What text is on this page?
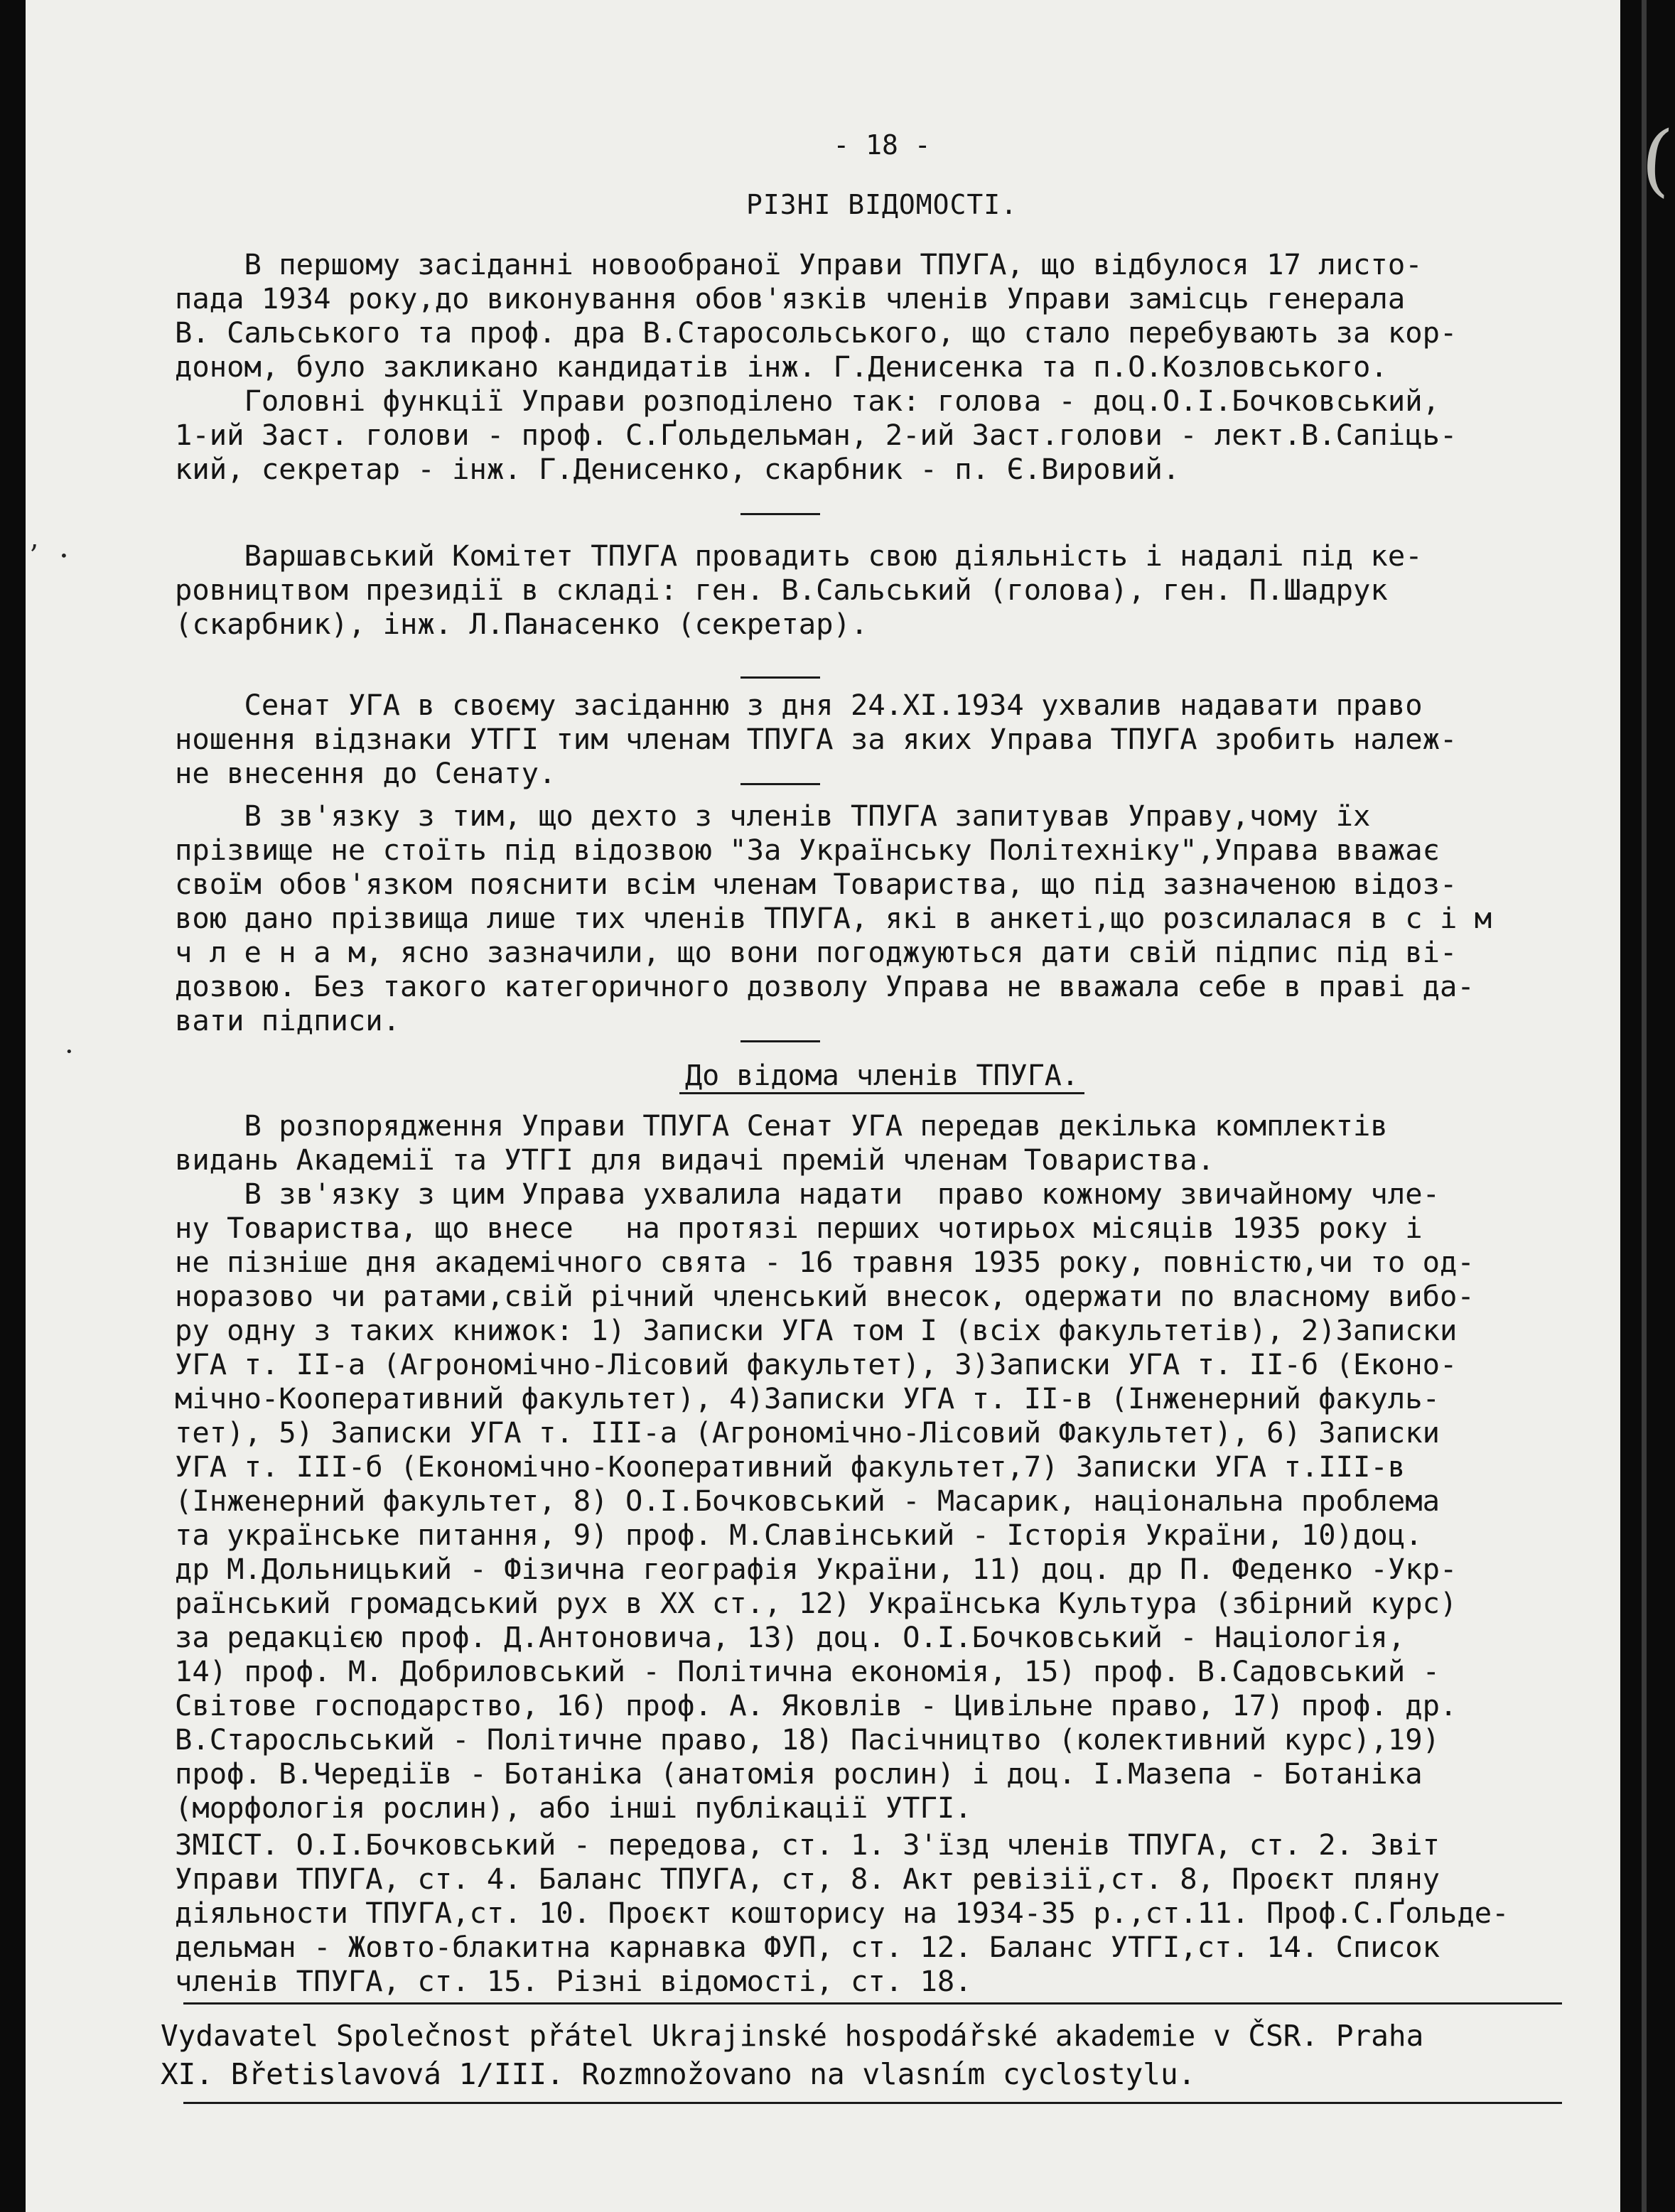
(
ʼ •
•
- 18 -
РІЗНІ ВІДОМОСТІ.

В першому засіданні новообраної Управи ТПУГА, що відбулося 17 листо-

пада 1934 року,до виконування обов'язків членів Управи замісць генерала

В. Сальського та проф. дра В.Старосольського, що стало перебувають за кор-

доном, було закликано кандидатів інж. Г.Денисенка та п.О.Козловського.

Головні функції Управи розподілено так: голова - доц.О.І.Бочковський,

1-ий Заст. голови - проф. С.Ґольдельман, 2-ий Заст.голови - лект.В.Сапіць-

кий, секретар - інж. Г.Денисенко, скарбник - п. Є.Вировий.

Варшавський Комітет ТПУГА провадить свою діяльність і надалі під ке-

ровництвом президії в складі: ген. В.Сальський (голова), ген. П.Шадрук

(скарбник), інж. Л.Панасенко (секретар).

Сенат УГА в своєму засіданню з дня 24.XI.1934 ухвалив надавати право

ношення відзнаки УТГІ тим членам ТПУГА за яких Управа ТПУГА зробить належ-

не внесення до Сенату.

В зв'язку з тим, що дехто з членів ТПУГА запитував Управу,чому їх

прізвище не стоїть під відозвою "За Українську Політехніку",Управа вважає

своїм обов'язком пояснити всім членам Товариства, що під зазначеною відоз-

вою дано прізвища лише тих членів ТПУГА, які в анкеті,що розсилалася в с і м

ч л е н а м, ясно зазначили, що вони погоджуються дати свій підпис під ві-

дозвою. Без такого категоричного дозволу Управа не вважала себе в праві да-

вати підписи.

До відома членів ТПУГА.

В розпорядження Управи ТПУГА Сенат УГА передав декілька комплектів

видань Академії та УТГІ для видачі премій членам Товариства.

В зв'язку з цим Управа ухвалила надати  право кожному звичайному чле-

ну Товариства, що внесе   на протязі перших чотирьох місяців 1935 року і

не пізніше дня академічного свята - 16 травня 1935 року, повністю,чи то од-

норазово чи ратами,свій річний членський внесок, одержати по власному вибо-

ру одну з таких книжок: 1) Записки УГА том I (всіх факультетів), 2)Записки

УГА т. II-а (Агрономічно-Лісовий факультет), 3)Записки УГА т. II-б (Еконо-

мічно-Кооперативний факультет), 4)Записки УГА т. II-в (Інженерний факуль-

тет), 5) Записки УГА т. III-а (Агрономічно-Лісовий Факультет), 6) Записки

УГА т. III-б (Економічно-Кооперативний факультет,7) Записки УГА т.III-в

(Інженерний факультет, 8) О.І.Бочковський - Масарик, національна проблема

та українське питання, 9) проф. М.Славінський - Історія України, 10)доц.

др М.Дольницький - Фізична географія України, 11) доц. др П. Феденко -Укр-

раїнський громадський рух в XX ст., 12) Українська Культура (збірний курс)

за редакцією проф. Д.Антоновича, 13) доц. О.І.Бочковський - Націологія,

14) проф. М. Добриловський - Політична економія, 15) проф. В.Садовський -

Світове господарство, 16) проф. А. Яковлів - Цивільне право, 17) проф. др.

В.Старосльський - Політичне право, 18) Пасічництво (колективний курс),19)

проф. В.Чередіїв - Ботаніка (анатомія рослин) і доц. І.Мазепа - Ботаніка

(морфологія рослин), або інші публікації УТГІ.

ЗМІСТ. О.І.Бочковський - передова, ст. 1. З'їзд членів ТПУГА, ст. 2. Звіт

Управи ТПУГА, ст. 4. Баланс ТПУГА, ст, 8. Акт ревізії,ст. 8, Проєкт пляну

діяльности ТПУГА,ст. 10. Проєкт кошторису на 1934-35 р.,ст.11. Проф.С.Ґольде-

дельман - Жовто-блакитна карнавка ФУП, ст. 12. Баланс УТГІ,ст. 14. Список

членів ТПУГА, ст. 15. Різні відомості, ст. 18.

Vydavatel Společnost přátel Ukrajinské hospodářské akademie v ČSR. Praha

XI. Břetislavová 1/III. Rozmnožovano na vlasním cyclostylu.
